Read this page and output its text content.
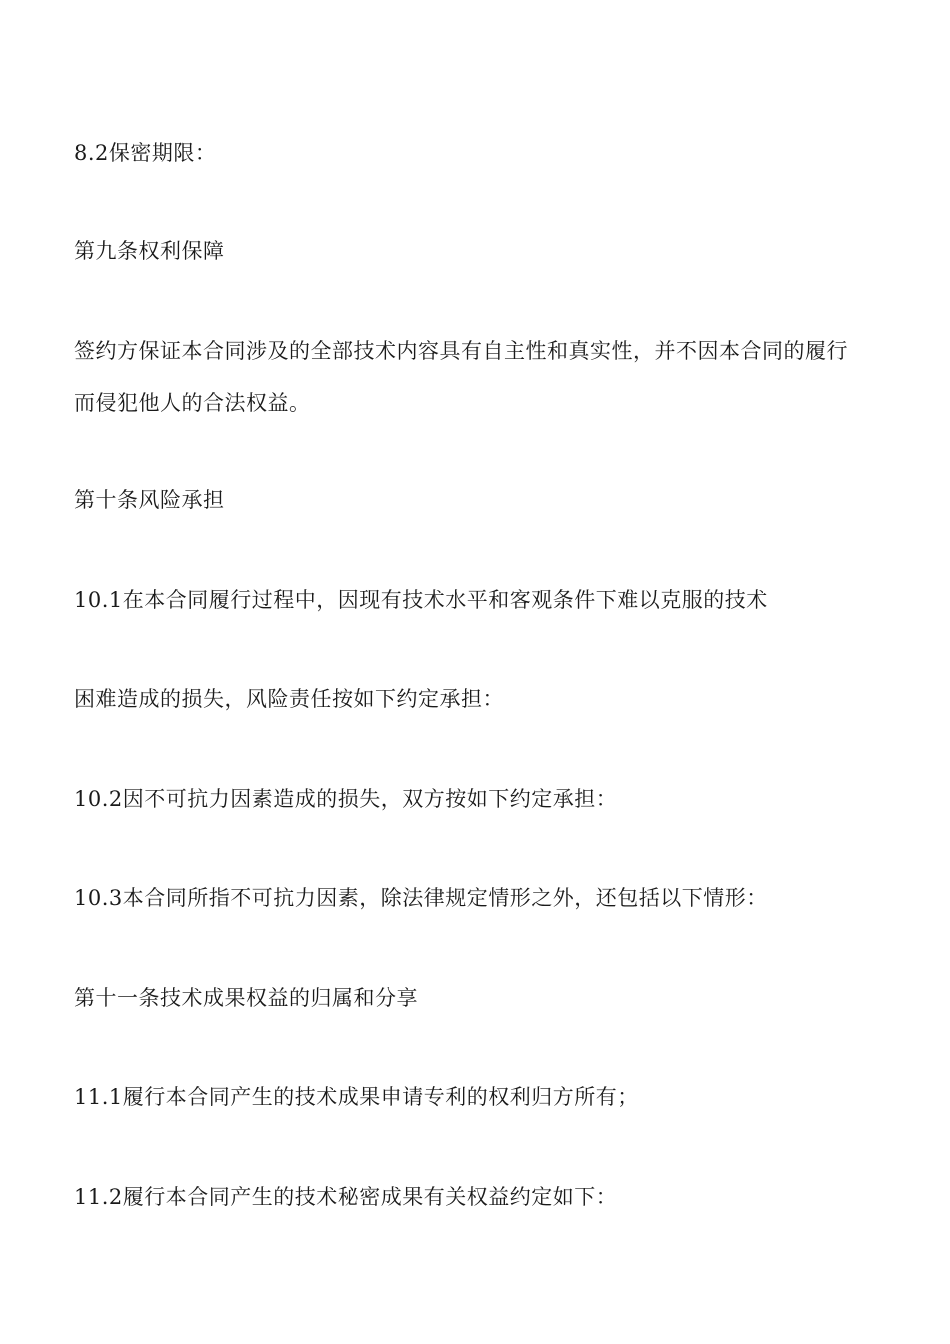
8.2保密期限：
第九条权利保障
签约方保证本合同涉及的全部技术内容具有自主性和真实性，并不因本合同的履行
而侵犯他人的合法权益。
第十条风险承担
10.1在本合同履行过程中，因现有技术水平和客观条件下难以克服的技术
困难造成的损失，风险责任按如下约定承担：
10.2因不可抗力因素造成的损失，双方按如下约定承担：
10.3本合同所指不可抗力因素，除法律规定情形之外，还包括以下情形：
第十一条技术成果权益的归属和分享
11.1履行本合同产生的技术成果申请专利的权利归方所有；
11.2履行本合同产生的技术秘密成果有关权益约定如下：
